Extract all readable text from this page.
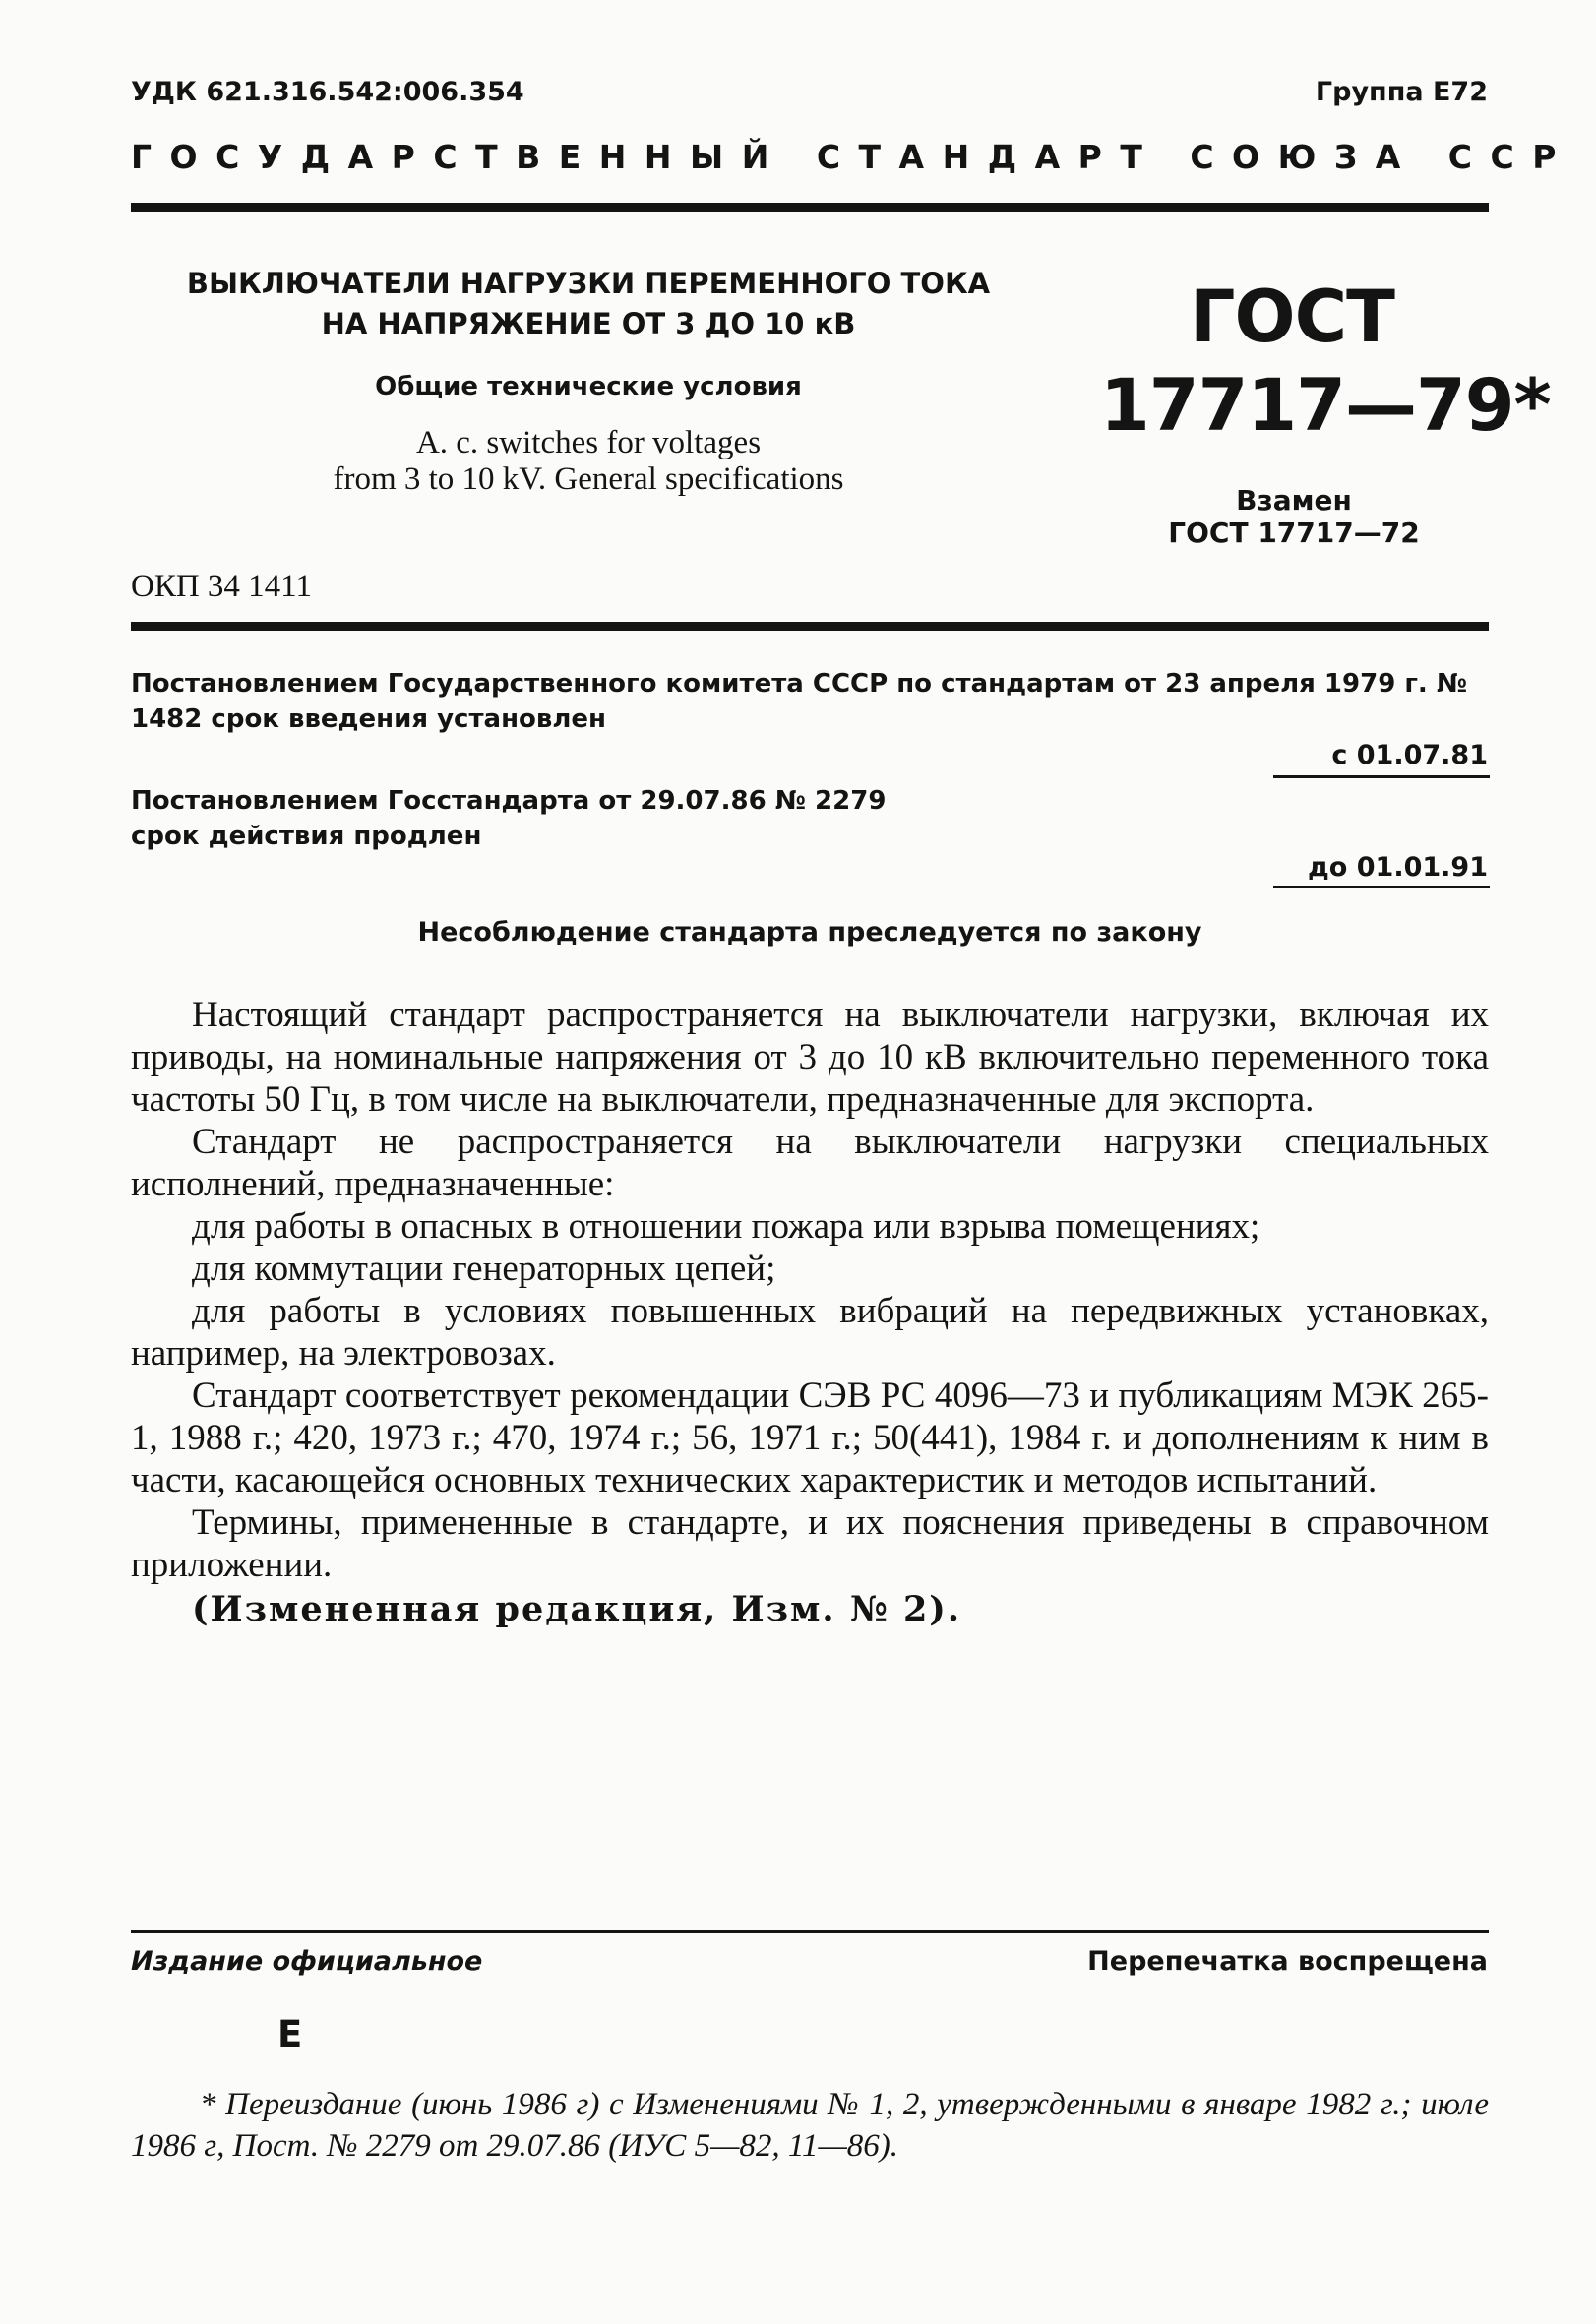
УДК 621.316.542:006.354	Группа Е72
ГОСУДАРСТВЕННЫЙ СТАНДАРТ СОЮЗА ССР
ВЫКЛЮЧАТЕЛИ НАГРУЗКИ ПЕРЕМЕННОГО ТОКА
НА НАПРЯЖЕНИЕ ОТ 3 ДО 10 кВ
Общие технические условия
A. c. switches for voltages
from 3 to 10 kV. General specifications
ОКП 34 1411
ГОСТ
17717—79*
Взамен
ГОСТ 17717—72
Постановлением Государственного комитета СССР по стандартам от 23 апреля 1979 г. № 1482 срок введения установлен
с 01.07.81
Постановлением Госстандарта от 29.07.86 № 2279
срок действия продлен
до 01.01.91
Несоблюдение стандарта преследуется по закону

Настоящий стандарт распространяется на выключатели нагрузки, включая их приводы, на номинальные напряжения от 3 до 10 кВ включительно переменного тока частоты 50 Гц, в том числе на выключатели, предназначенные для экспорта.

Стандарт не распространяется на выключатели нагрузки специальных исполнений, предназначенные:

для работы в опасных в отношении пожара или взрыва помещениях;

для коммутации генераторных цепей;

для работы в условиях повышенных вибраций на передвижных установках, например, на электровозах.

Стандарт соответствует рекомендации СЭВ РС 4096—73 и публикациям МЭК 265-1, 1988 г.; 420, 1973 г.; 470, 1974 г.; 56, 1971 г.; 50(441), 1984 г. и дополнениям к ним в части, касающейся основных технических характеристик и методов испытаний.

Термины, примененные в стандарте, и их пояснения приведены в справочном приложении.

(Измененная редакция, Изм. № 2).

Издание официальное	Перепечатка воспрещена
Е
* Переиздание (июнь 1986 г) с Изменениями № 1, 2, утвержденными в январе 1982 г.; июле 1986 г, Пост. № 2279 от 29.07.86 (ИУС 5—82, 11—86).
